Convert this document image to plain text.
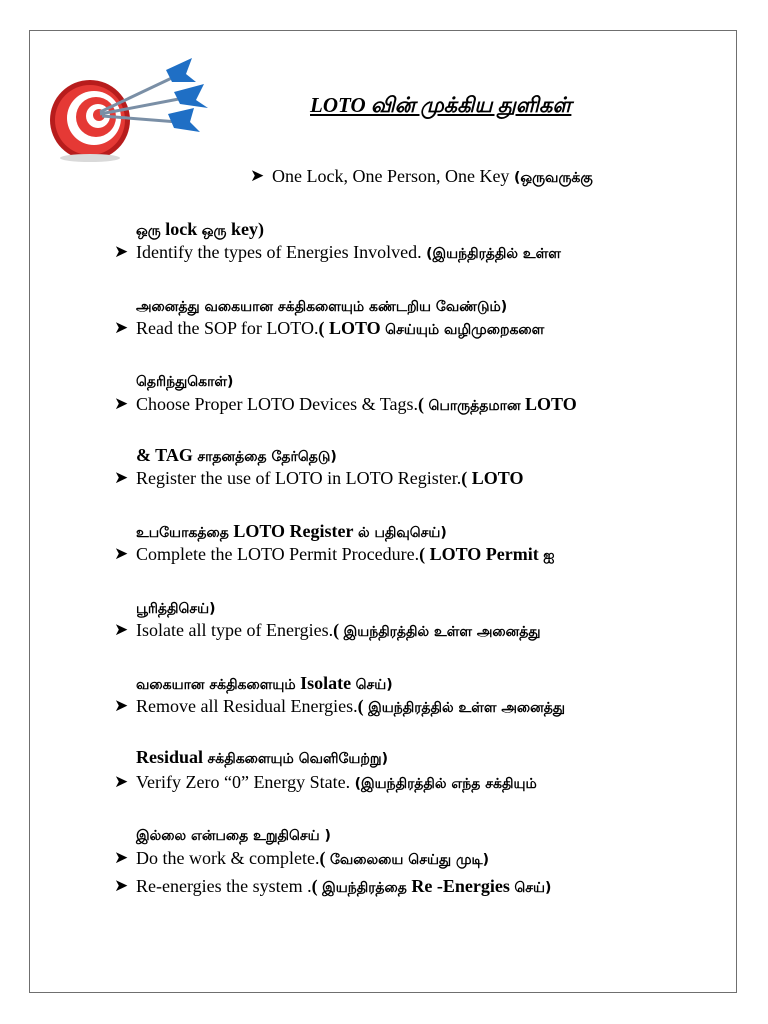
LOTO வின் முக்கிய துளிகள்
➤ One Lock, One Person, One Key (ஒருவருக்கு
ஒரு lock ஒரு key)
➤ Identify the types of Energies Involved. (இயந்திரத்தில் உள்ள
அனைத்து வகையான சக்திகளையும் கண்டறிய வேண்டும்)
➤ Read the SOP for LOTO.( LOTO செய்யும் வழிமுறைகளை
தெரிந்துகொள்)
➤ Choose Proper LOTO Devices & Tags.( பொருத்தமான LOTO
& TAG சாதனத்தை தேர்தெடு)
➤ Register the use of LOTO in LOTO Register.( LOTO
உபயோகத்தை LOTO Register ல் பதிவுசெய்)
➤ Complete the LOTO Permit Procedure.( LOTO Permit ஐ
பூரித்திசெய்)
➤ Isolate all type of Energies.( இயந்திரத்தில் உள்ள அனைத்து
வகையான சக்திகளையும் Isolate செய்)
➤ Remove all Residual Energies.( இயந்திரத்தில் உள்ள அனைத்து
Residual சக்திகளையும் வெளியேற்று)
➤ Verify Zero “0” Energy State. (இயந்திரத்தில் எந்த சக்தியும்
இல்லை என்பதை உறுதிசெய் )
➤ Do the work & complete.( வேலையை செய்து முடி)
➤ Re-energies the system .( இயந்திரத்தை Re -Energies செய்)
